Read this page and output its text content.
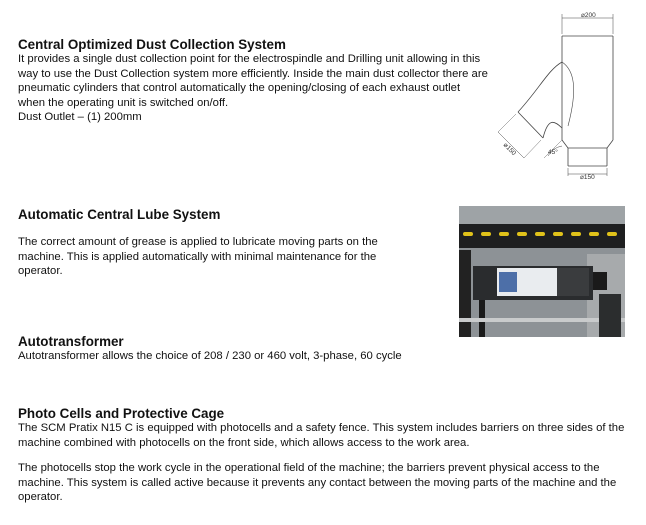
Central Optimized Dust Collection System

It provides a single dust collection point for the electrospindle and Drilling unit allowing in this way to use the Dust Collection system more efficiently. Inside the main dust collector there are pneumatic cylinders that control automatically the opening/closing of each exhaust outlet when the operating unit is switched on/off.

Dust Outlet – (1) 200mm

⌀200
⌀150	45°
⌀150
Automatic Central Lube System

The correct amount of grease is applied to lubricate moving parts on the machine. This is applied automatically with minimal maintenance for the operator.

Autotransformer

Autotransformer allows the choice of 208 / 230 or 460 volt, 3-phase, 60 cycle

Photo Cells and Protective Cage

The SCM Pratix N15 C is equipped with photocells and a safety fence. This system includes barriers on three sides of the machine combined with photocells on the front side, which allows access to the work area.

The photocells stop the work cycle in the operational field of the machine; the barriers prevent physical access to the machine. This system is called active because it prevents any contact between the moving parts of the machine and the operator.
